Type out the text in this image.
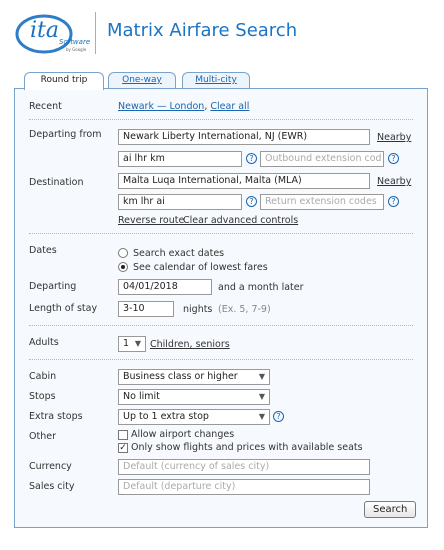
ita Software
by Google
Matrix Airfare Search
Round trip	One-way	Multi-city
Recent	Newark — London, Clear all
Departing from	Newark Liberty International, NJ (EWR)	Nearby
ai lhr km	?	Outbound extension cod	?
Destination	Malta Luqa International, Malta (MLA)	Nearby
km lhr ai	?	Return extension codes	?
Reverse route
Clear advanced controls
Dates	Search exact dates
See calendar of lowest fares
Departing	04/01/2018	and a month later
Length of stay	3-10	nights (Ex. 5, 7-9)
Adults	1 ▼ Children, seniors
Cabin	Business class or higher	▼
Stops	No limit	▼
Extra stops	Up to 1 extra stop	▼	?
Other	Allow airport changes
✓ Only show flights and prices with available seats
Currency	Default (currency of sales city)
Sales city	Default (departure city)
Search
